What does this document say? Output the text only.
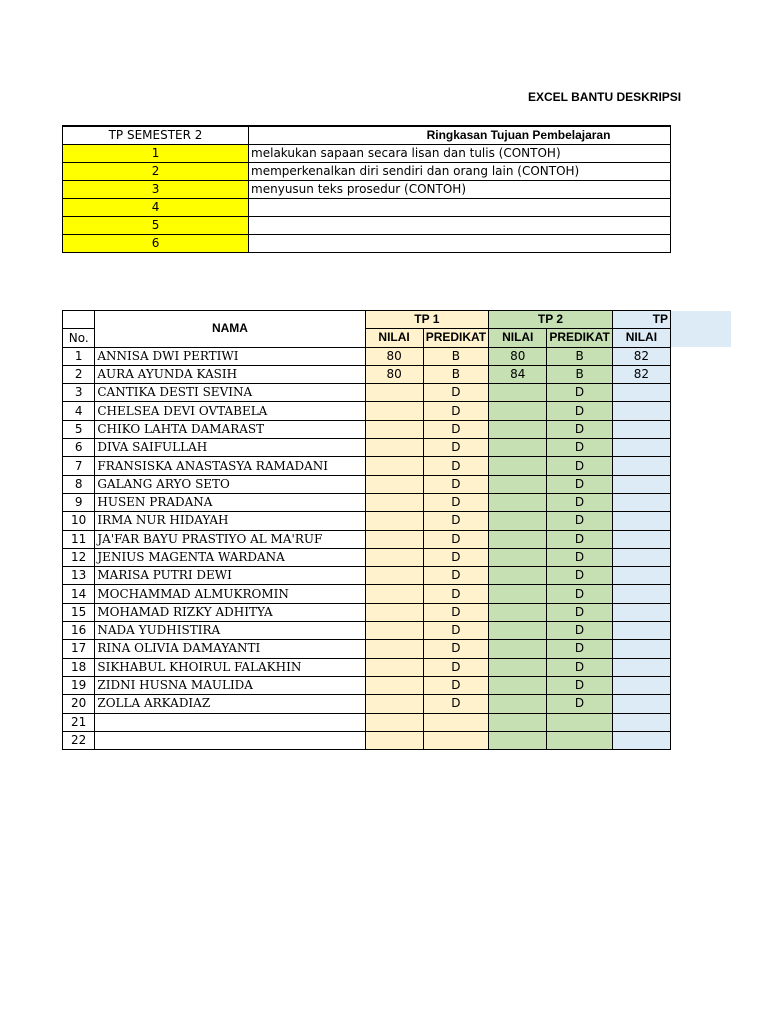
EXCEL BANTU DESKRIPSI
TP SEMESTER 2	Ringkasan Tujuan Pembelajaran
1	melakukan sapaan secara lisan dan tulis (CONTOH)
2	memperkenalkan diri sendiri dan orang lain (CONTOH)
3	menyusun teks prosedur (CONTOH)
4	
5	
6	
	NAMA	TP 1		TP 2		TP
No.		NILAI	PREDIKAT	NILAI	PREDIKAT	NILAI
1	ANNISA DWI PERTIWI	80	B	80	B	82
2	AURA AYUNDA KASIH	80	B	84	B	82
3	CANTIKA DESTI SEVINA		D		D	
4	CHELSEA DEVI OVTABELA		D		D	
5	CHIKO LAHTA DAMARAST		D		D	
6	DIVA SAIFULLAH		D		D	
7	FRANSISKA ANASTASYA RAMADANI		D		D	
8	GALANG ARYO SETO		D		D	
9	HUSEN PRADANA		D		D	
10	IRMA NUR HIDAYAH		D		D	
11	JA'FAR BAYU PRASTIYO AL MA'RUF		D		D	
12	JENIUS MAGENTA WARDANA		D		D	
13	MARISA PUTRI DEWI		D		D	
14	MOCHAMMAD ALMUKROMIN		D		D	
15	MOHAMAD RIZKY ADHITYA		D		D	
16	NADA YUDHISTIRA		D		D	
17	RINA OLIVIA DAMAYANTI		D		D	
18	SIKHABUL KHOIRUL FALAKHIN		D		D	
19	ZIDNI HUSNA MAULIDA		D		D	
20	ZOLLA ARKADIAZ		D		D	
21						
22						
